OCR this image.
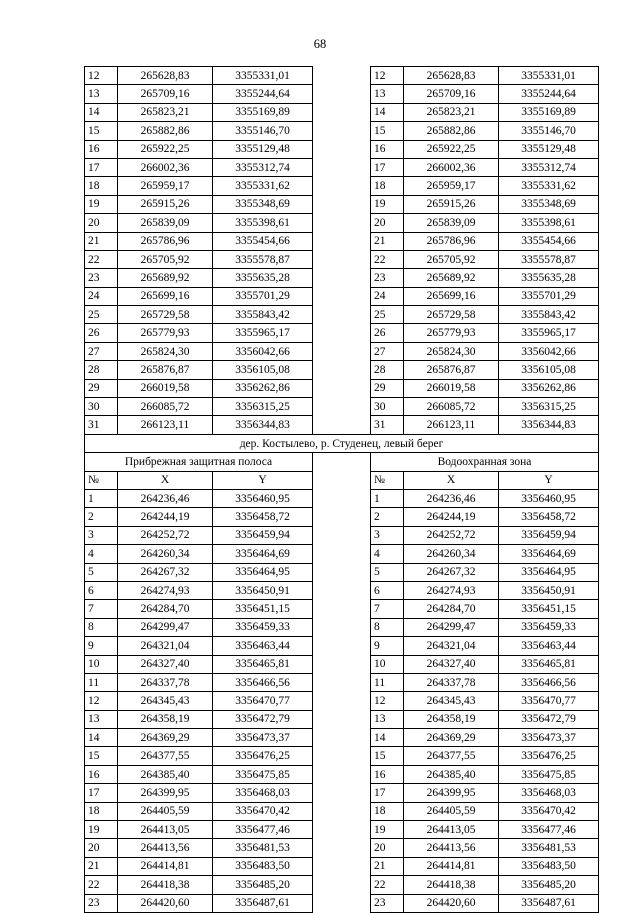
68
12	265628,83	3355331,01		12	265628,83	3355331,01
13	265709,16	3355244,64		13	265709,16	3355244,64
14	265823,21	3355169,89		14	265823,21	3355169,89
15	265882,86	3355146,70		15	265882,86	3355146,70
16	265922,25	3355129,48		16	265922,25	3355129,48
17	266002,36	3355312,74		17	266002,36	3355312,74
18	265959,17	3355331,62		18	265959,17	3355331,62
19	265915,26	3355348,69		19	265915,26	3355348,69
20	265839,09	3355398,61		20	265839,09	3355398,61
21	265786,96	3355454,66		21	265786,96	3355454,66
22	265705,92	3355578,87		22	265705,92	3355578,87
23	265689,92	3355635,28		23	265689,92	3355635,28
24	265699,16	3355701,29		24	265699,16	3355701,29
25	265729,58	3355843,42		25	265729,58	3355843,42
26	265779,93	3355965,17		26	265779,93	3355965,17
27	265824,30	3356042,66		27	265824,30	3356042,66
28	265876,87	3356105,08		28	265876,87	3356105,08
29	266019,58	3356262,86		29	266019,58	3356262,86
30	266085,72	3356315,25		30	266085,72	3356315,25
31	266123,11	3356344,83		31	266123,11	3356344,83
дер. Костылево, р. Студенец, левый берег						
Прибрежная защитная полоса				Водоохранная зона		
№	X	Y		№	X	Y
1	264236,46	3356460,95		1	264236,46	3356460,95
2	264244,19	3356458,72		2	264244,19	3356458,72
3	264252,72	3356459,94		3	264252,72	3356459,94
4	264260,34	3356464,69		4	264260,34	3356464,69
5	264267,32	3356464,95		5	264267,32	3356464,95
6	264274,93	3356450,91		6	264274,93	3356450,91
7	264284,70	3356451,15		7	264284,70	3356451,15
8	264299,47	3356459,33		8	264299,47	3356459,33
9	264321,04	3356463,44		9	264321,04	3356463,44
10	264327,40	3356465,81		10	264327,40	3356465,81
11	264337,78	3356466,56		11	264337,78	3356466,56
12	264345,43	3356470,77		12	264345,43	3356470,77
13	264358,19	3356472,79		13	264358,19	3356472,79
14	264369,29	3356473,37		14	264369,29	3356473,37
15	264377,55	3356476,25		15	264377,55	3356476,25
16	264385,40	3356475,85		16	264385,40	3356475,85
17	264399,95	3356468,03		17	264399,95	3356468,03
18	264405,59	3356470,42		18	264405,59	3356470,42
19	264413,05	3356477,46		19	264413,05	3356477,46
20	264413,56	3356481,53		20	264413,56	3356481,53
21	264414,81	3356483,50		21	264414,81	3356483,50
22	264418,38	3356485,20		22	264418,38	3356485,20
23	264420,60	3356487,61		23	264420,60	3356487,61
